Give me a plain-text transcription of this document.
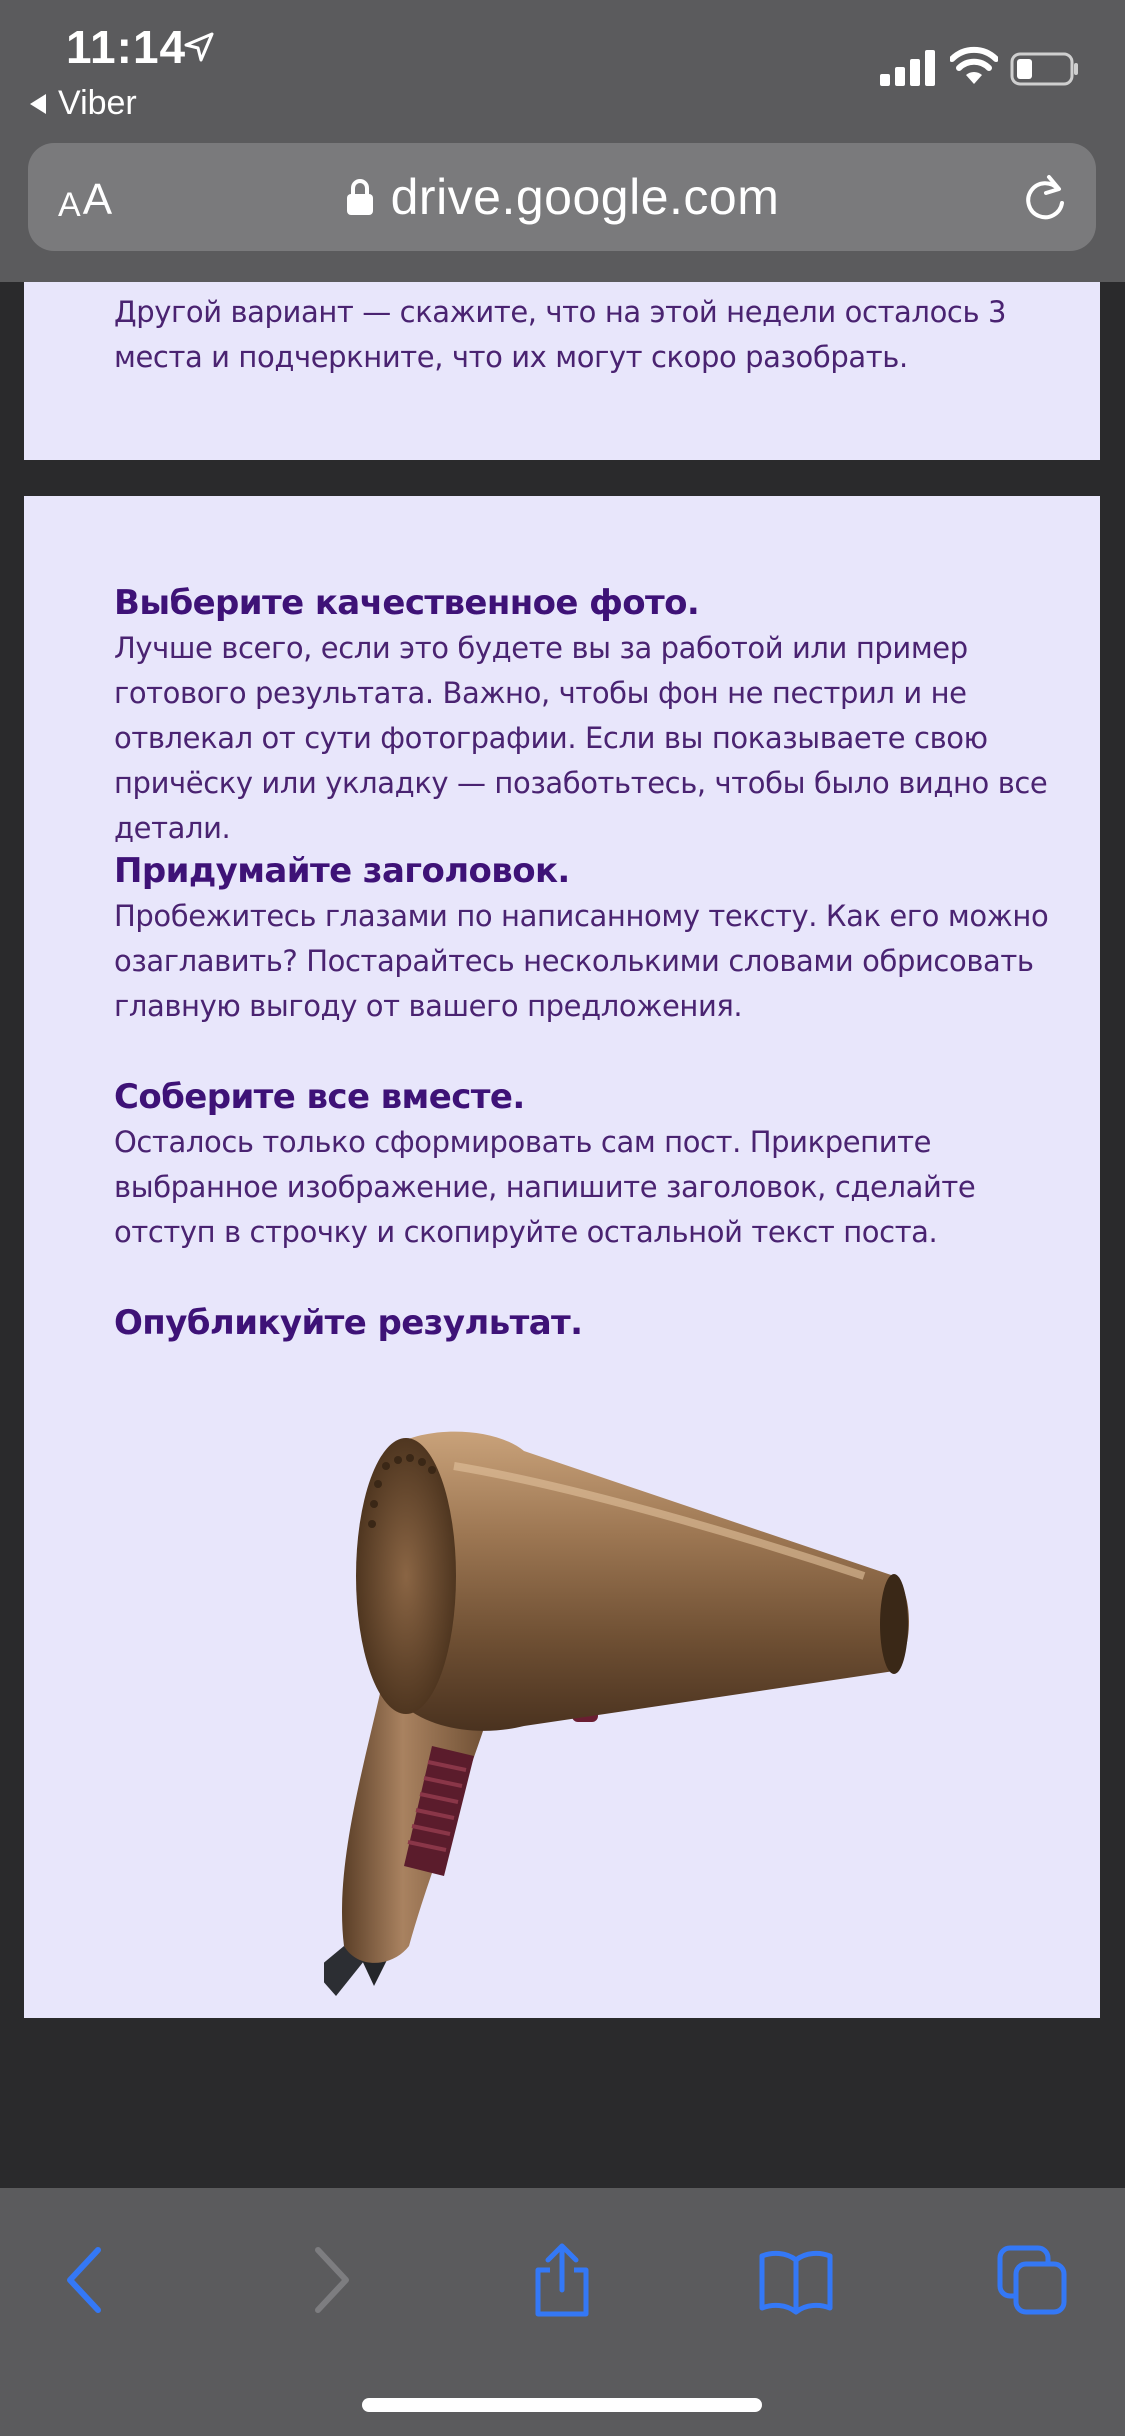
Другой вариант — скажите, что на этой недели осталось 3 места и подчеркните, что их могут скоро разобрать.

Выберите качественное фото.

Лучше всего, если это будете вы за работой или пример готового результата. Важно, чтобы фон не пестрил и не отвлекал от сути фотографии. Если вы показываете свою причёску или укладку — позаботьтесь, чтобы было видно все детали.

Придумайте заголовок.

Пробежитесь глазами по написанному тексту. Как его можно озаглавить? Постарайтесь несколькими словами обрисовать главную выгоду от вашего предложения.

Соберите все вместе.

Осталось только сформировать сам пост. Прикрепите выбранное изображение, напишите заголовок, сделайте отступ в строчку и скопируйте остальной текст поста.

Опубликуйте результат.
11:14
Viber
A A	drive.google.com
